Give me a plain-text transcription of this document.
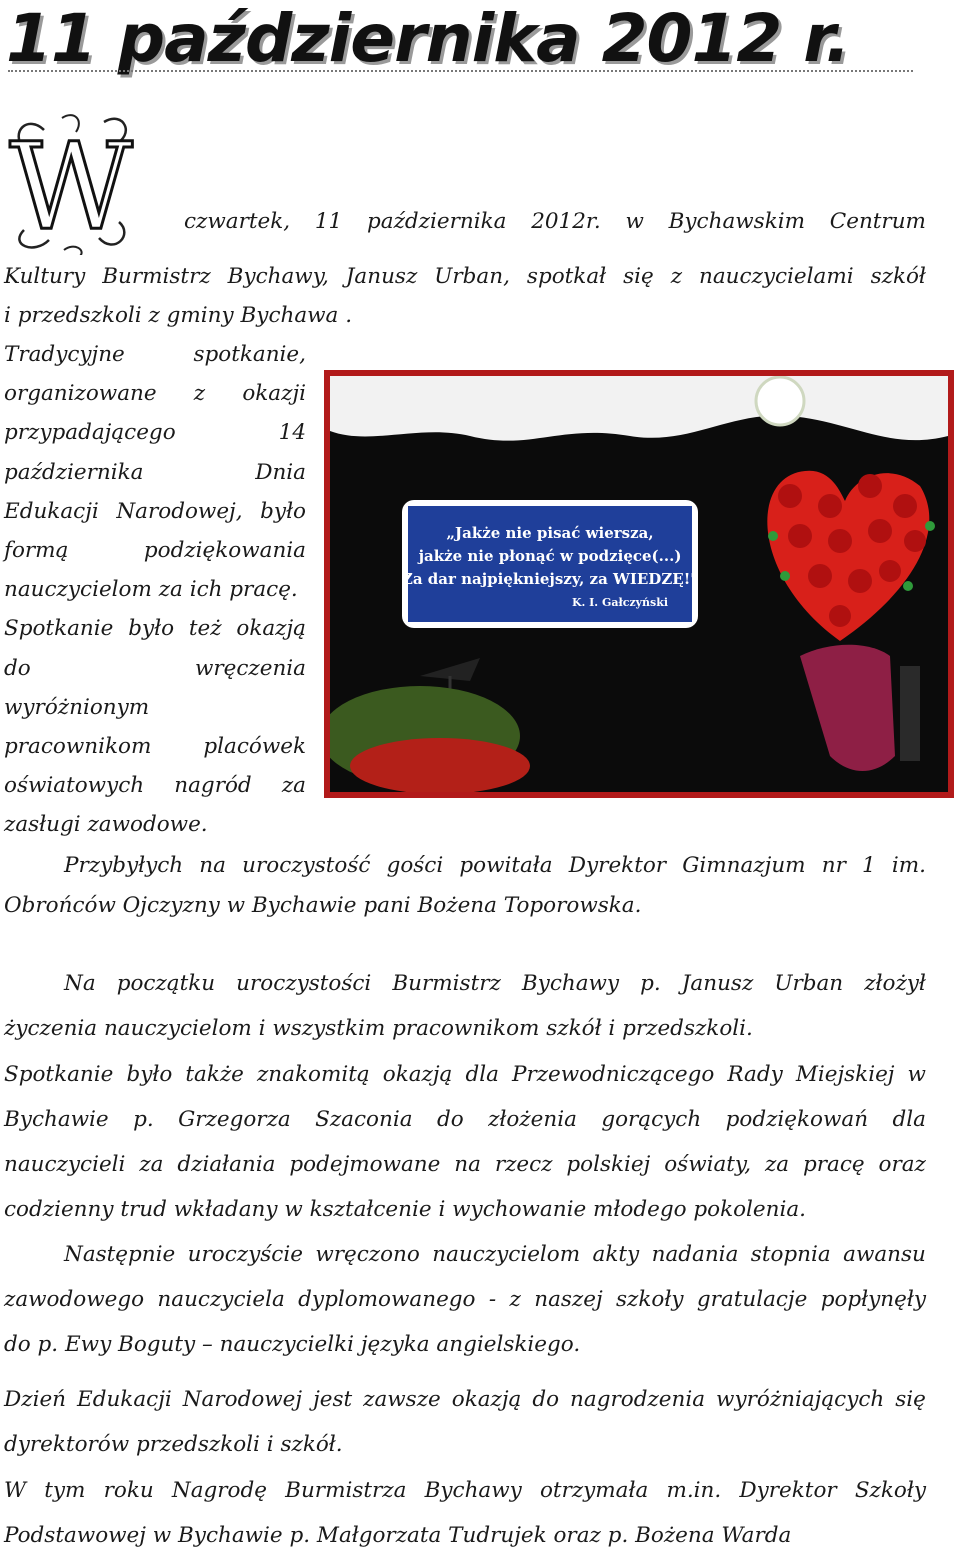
11 października 2012 r.
W czwartek, 11 października 2012r. w Bychawskim Centrum
Kultury Burmistrz Bychawy, Janusz Urban, spotkał się z nauczycielami szkół
i przedszkoli z gminy Bychawa .
Tradycyjne	spotkanie,
organizowane z okazji
przypadającego	14
października	Dnia
Edukacji Narodowej, było
formą	podziękowania
nauczycielom za ich pracę.
Spotkanie było też okazją
do	wręczenia
wyróżnionym
pracownikom placówek
oświatowych nagród za
zasługi zawodowe.
„Jakże nie pisać wiersza,
jakże nie płonąć w podzięce(...)
Za dar najpiękniejszy, za WIEDZĘ!"
K. I. Gałczyński
Przybyłych na uroczystość gości powitała Dyrektor Gimnazjum nr 1 im.
Obrońców Ojczyzny w Bychawie pani Bożena Toporowska.
Na początku uroczystości Burmistrz Bychawy p. Janusz Urban złożył
życzenia nauczycielom i wszystkim pracownikom szkół i przedszkoli.
Spotkanie było także znakomitą okazją dla Przewodniczącego Rady Miejskiej w
Bychawie p. Grzegorza Szaconia do złożenia gorących podziękowań dla
nauczycieli za działania podejmowane na rzecz polskiej oświaty, za pracę oraz
codzienny trud wkładany w kształcenie i wychowanie młodego pokolenia.
Następnie uroczyście wręczono nauczycielom akty nadania stopnia awansu
zawodowego nauczyciela dyplomowanego - z naszej szkoły gratulacje popłynęły
do p. Ewy Boguty – nauczycielki języka angielskiego.
Dzień Edukacji Narodowej jest zawsze okazją do nagrodzenia wyróżniających się
dyrektorów przedszkoli i szkół.
W tym roku Nagrodę Burmistrza Bychawy otrzymała m.in. Dyrektor Szkoły
Podstawowej w Bychawie p. Małgorzata Tudrujek oraz p. Bożena Warda
